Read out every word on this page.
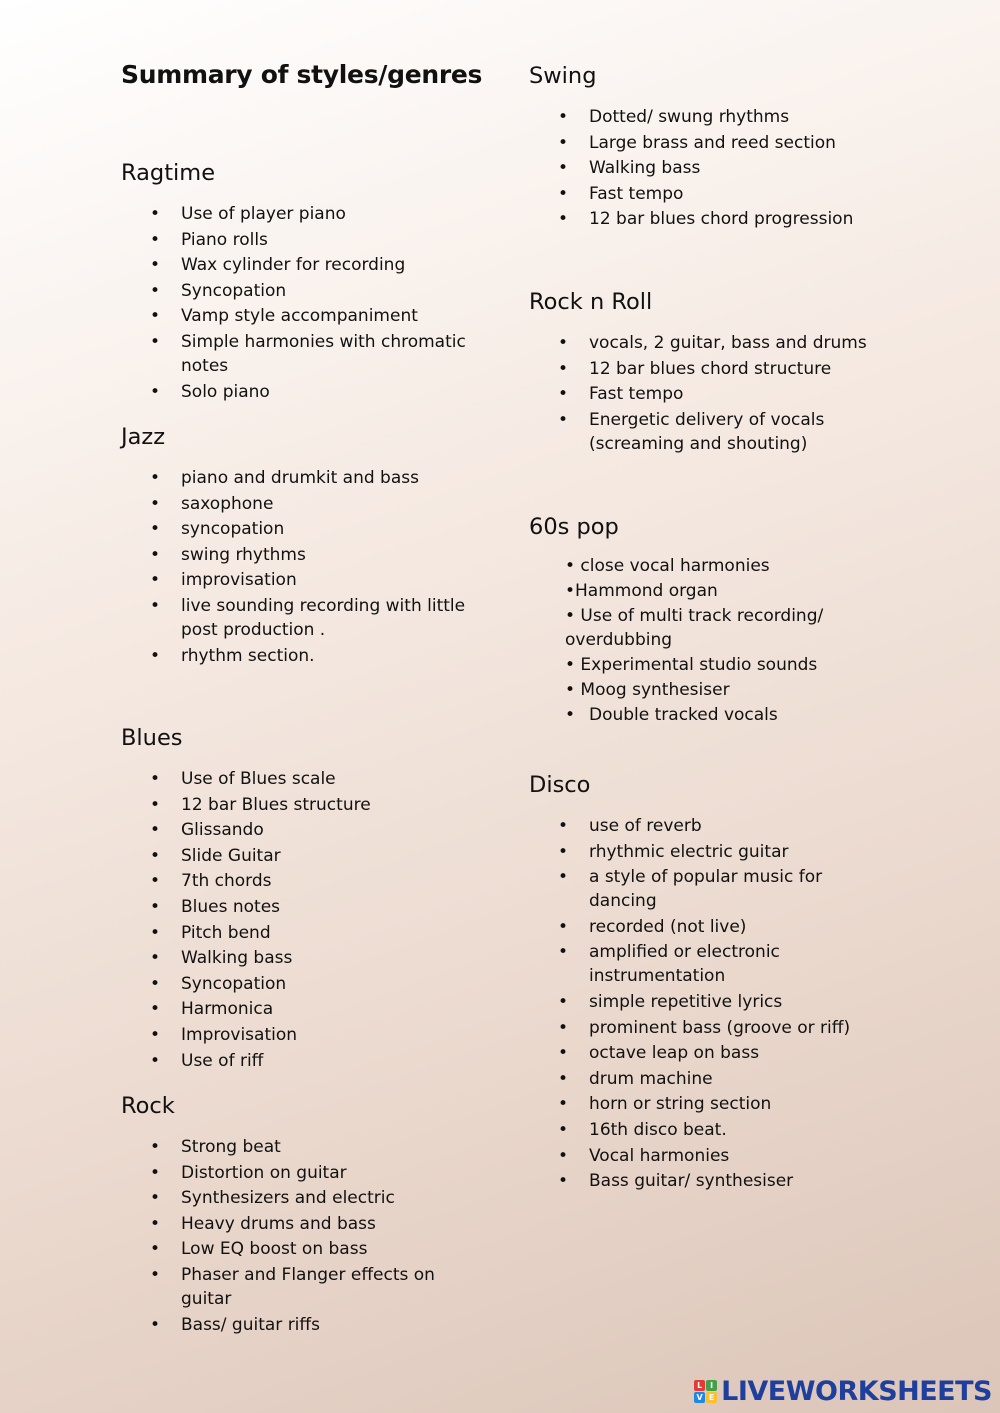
Summary of styles/genres
Ragtime
• Use of player piano
• Piano rolls
• Wax cylinder for recording
• Syncopation
• Vamp style accompaniment
• Simple harmonies with chromatic notes
• Solo piano
Jazz
• piano and drumkit and bass
• saxophone
• syncopation
• swing rhythms
• improvisation
• live sounding recording with little post production .
• rhythm section.
Blues
• Use of Blues scale
• 12 bar Blues structure
• Glissando
• Slide Guitar
• 7th chords
• Blues notes
• Pitch bend
• Walking bass
• Syncopation
• Harmonica
• Improvisation
• Use of riff
Rock
• Strong beat
• Distortion on guitar
• Synthesizers and electric
• Heavy drums and bass
• Low EQ boost on bass
• Phaser and Flanger effects on guitar
• Bass/ guitar riffs
Swing
• Dotted/ swung rhythms
• Large brass and reed section
• Walking bass
• Fast tempo
• 12 bar blues chord progression
Rock n Roll
• vocals, 2 guitar, bass and drums
• 12 bar blues chord structure
• Fast tempo
• Energetic delivery of vocals (screaming and shouting)
60s pop
• close vocal harmonies
•Hammond organ
• Use of multi track recording/ overdubbing
• Experimental studio sounds
• Moog synthesiser
• Double tracked vocals
Disco
• use of reverb
• rhythmic electric guitar
• a style of popular music for dancing
• recorded (not live)
• amplified or electronic instrumentation
• simple repetitive lyrics
• prominent bass (groove or riff)
• octave leap on bass
• drum machine
• horn or string section
• 16th disco beat.
• Vocal harmonies
• Bass guitar/ synthesiser
L I
V E LIVEWORKSHEETS
